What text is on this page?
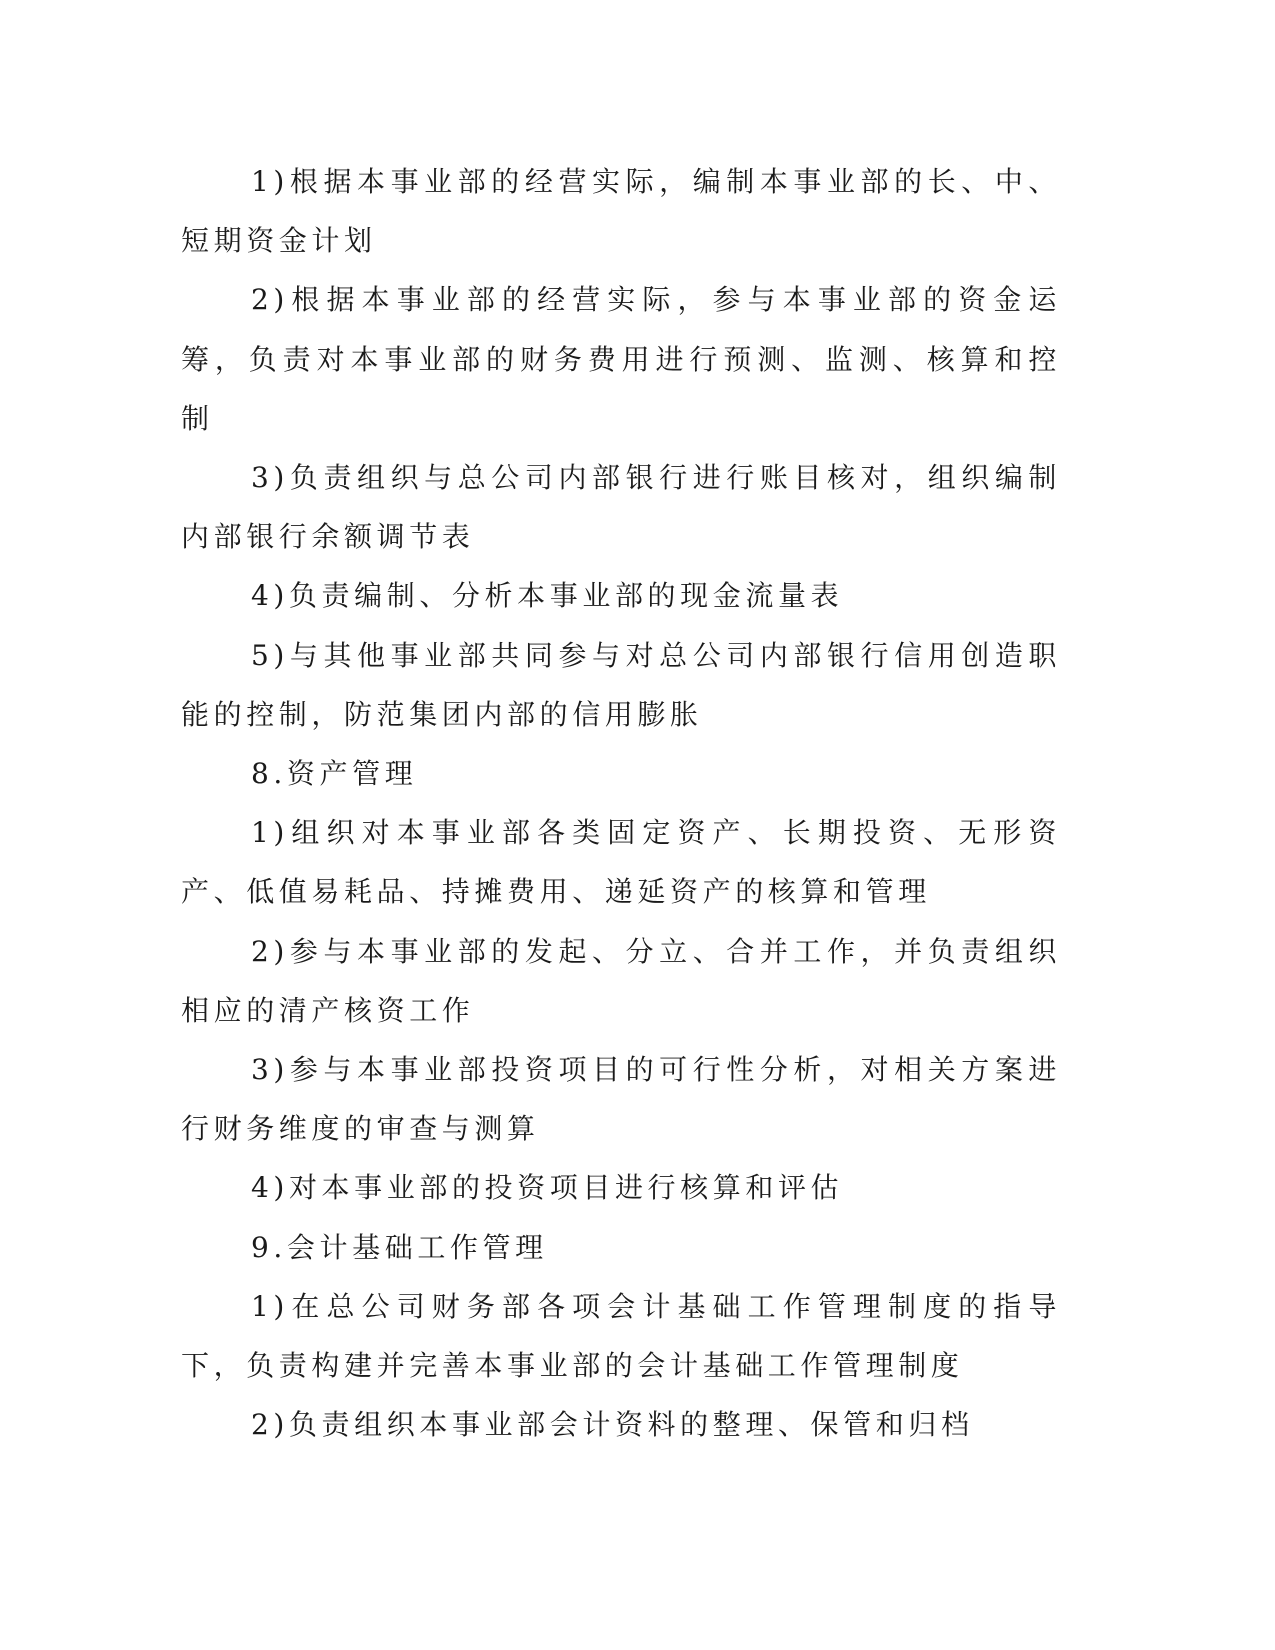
1)根据本事业部的经营实际，编制本事业部的长、中、短期资金计划

2)根据本事业部的经营实际，参与本事业部的资金运筹，负责对本事业部的财务费用进行预测、监测、核算和控制

3)负责组织与总公司内部银行进行账目核对，组织编制内部银行余额调节表

4)负责编制、分析本事业部的现金流量表

5)与其他事业部共同参与对总公司内部银行信用创造职能的控制，防范集团内部的信用膨胀

8.资产管理

1)组织对本事业部各类固定资产、长期投资、无形资产、低值易耗品、持摊费用、递延资产的核算和管理

2)参与本事业部的发起、分立、合并工作，并负责组织相应的清产核资工作

3)参与本事业部投资项目的可行性分析，对相关方案进行财务维度的审查与测算

4)对本事业部的投资项目进行核算和评估

9.会计基础工作管理

1)在总公司财务部各项会计基础工作管理制度的指导下，负责构建并完善本事业部的会计基础工作管理制度

2)负责组织本事业部会计资料的整理、保管和归档
